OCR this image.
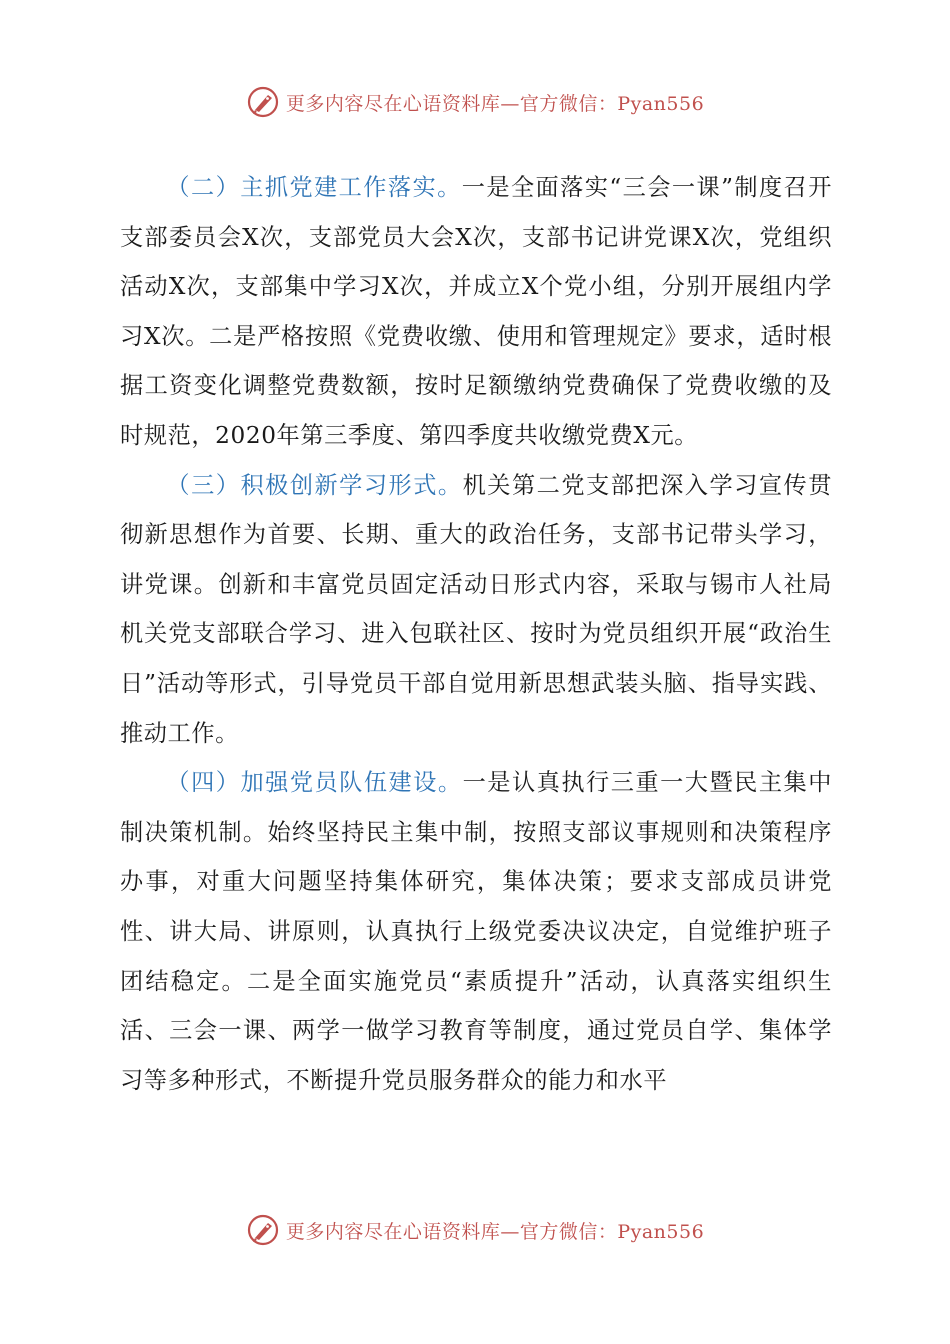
更多内容尽在心语资料库—官方微信：Pyan556

（二）主抓党建工作落实。一是全面落实“三会一课”制度召开支部委员会X次，支部党员大会X次，支部书记讲党课X次，党组织活动X次，支部集中学习X次，并成立X个党小组，分别开展组内学习X次。二是严格按照《党费收缴、使用和管理规定》要求，适时根据工资变化调整党费数额，按时足额缴纳党费确保了党费收缴的及时规范，2020年第三季度、第四季度共收缴党费X元。

（三）积极创新学习形式。机关第二党支部把深入学习宣传贯彻新思想作为首要、长期、重大的政治任务，支部书记带头学习，讲党课。创新和丰富党员固定活动日形式内容，采取与锡市人社局机关党支部联合学习、进入包联社区、按时为党员组织开展“政治生日”活动等形式，引导党员干部自觉用新思想武装头脑、指导实践、推动工作。

（四）加强党员队伍建设。一是认真执行三重一大暨民主集中制决策机制。始终坚持民主集中制，按照支部议事规则和决策程序办事，对重大问题坚持集体研究，集体决策；要求支部成员讲党性、讲大局、讲原则，认真执行上级党委决议决定，自觉维护班子团结稳定。二是全面实施党员“素质提升”活动，认真落实组织生活、三会一课、两学一做学习教育等制度，通过党员自学、集体学习等多种形式，不断提升党员服务群众的能力和水平

更多内容尽在心语资料库—官方微信：Pyan556
